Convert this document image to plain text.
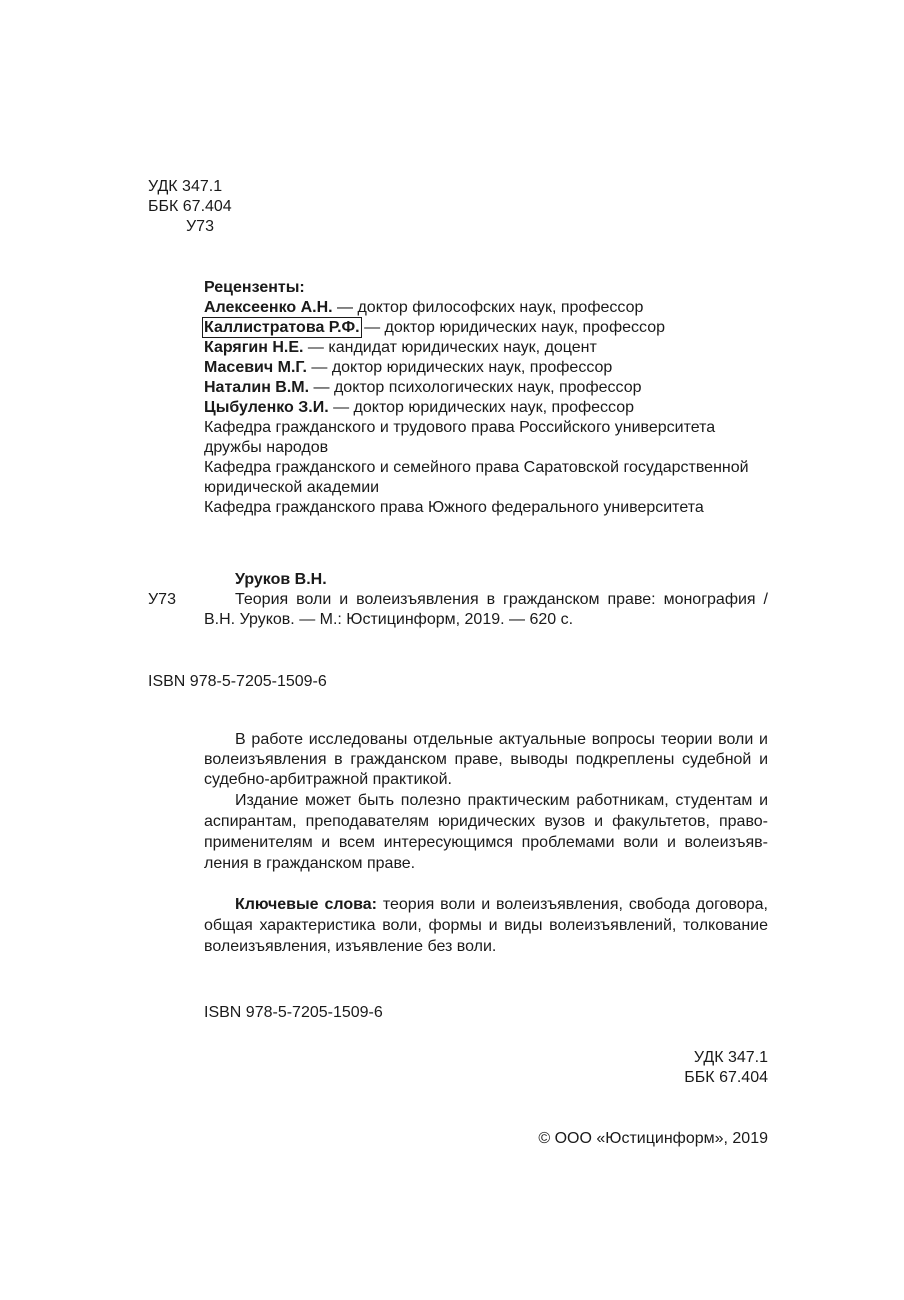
УДК 347.1
ББК 67.404
У73
Рецензенты:
Алексеенко А.Н. — доктор философских наук, профессор
Каллистратова Р.Ф. — доктор юридических наук, профессор
Карягин Н.Е. — кандидат юридических наук, доцент
Масевич М.Г. — доктор юридических наук, профессор
Наталин В.М. — доктор психологических наук, профессор
Цыбуленко З.И. — доктор юридических наук, профессор
Кафедра гражданского и трудового права Российского университета
дружбы народов
Кафедра гражданского и семейного права Саратовской государственной
юридической академии
Кафедра гражданского права Южного федерального университета
Уруков В.Н.
У73	Теория воли и волеизъявления в гражданском праве: монография /
В.Н. Уруков. — М.: Юстицинформ, 2019. — 620 с.
ISBN 978-5-7205-1509-6
В работе исследованы отдельные актуальные вопросы теории воли и
волеизъявления в гражданском праве, выводы подкреплены судебной и
судебно-арбитражной практикой.
Издание может быть полезно практическим работникам, студентам и
аспирантам, преподавателям юридических вузов и факультетов, право-
применителям и всем интересующимся проблемами воли и волеизъяв-
ления в гражданском праве.
Ключевые слова: теория воли и волеизъявления, свобода договора,
общая характеристика воли, формы и виды волеизъявлений, толкование
волеизъявления, изъявление без воли.
ISBN 978-5-7205-1509-6
УДК 347.1
ББК 67.404
© ООО «Юстицинформ», 2019
